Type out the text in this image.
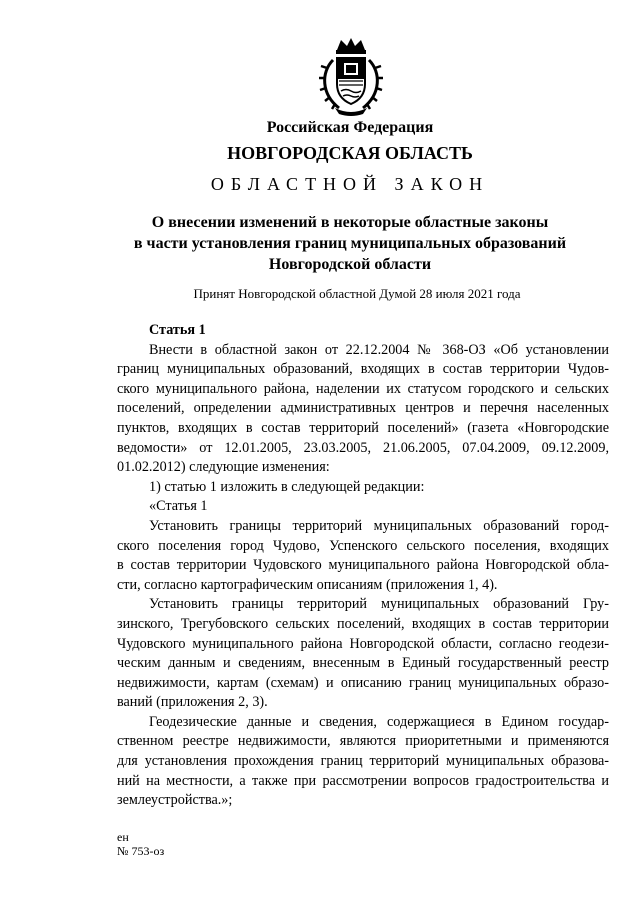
Российская Федерация
НОВГОРОДСКАЯ ОБЛАСТЬ
ОБЛАСТНОЙ ЗАКОН
О внесении изменений в некоторые областные законы
в части установления границ муниципальных образований
Новгородской области
Принят Новгородской областной Думой 28 июля 2021 года
Статья 1
Внести в областной закон от 22.12.2004 № 368-ОЗ «Об установлении
границ муниципальных образований, входящих в состав территории Чудов-
ского муниципального района, наделении их статусом городского и сельских
поселений, определении административных центров и перечня населенных
пунктов, входящих в состав территорий поселений» (газета «Новгородские
ведомости» от 12.01.2005, 23.03.2005, 21.06.2005, 07.04.2009, 09.12.2009,
01.02.2012) следующие изменения:
1) статью 1 изложить в следующей редакции:
«Статья 1
Установить границы территорий муниципальных образований город-
ского поселения город Чудово, Успенского сельского поселения, входящих
в состав территории Чудовского муниципального района Новгородской обла-
сти, согласно картографическим описаниям (приложения 1, 4).
Установить границы территорий муниципальных образований Гру-
зинского, Трегубовского сельских поселений, входящих в состав территории
Чудовского муниципального района Новгородской области, согласно геодези-
ческим данным и сведениям, внесенным в Единый государственный реестр
недвижимости, картам (схемам) и описанию границ муниципальных образо-
ваний (приложения 2, 3).
Геодезические данные и сведения, содержащиеся в Едином государ-
ственном реестре недвижимости, являются приоритетными и применяются
для установления прохождения границ территорий муниципальных образова-
ний на местности, а также при рассмотрении вопросов градостроительства и
землеустройства.»;
ен
№ 753-оз
